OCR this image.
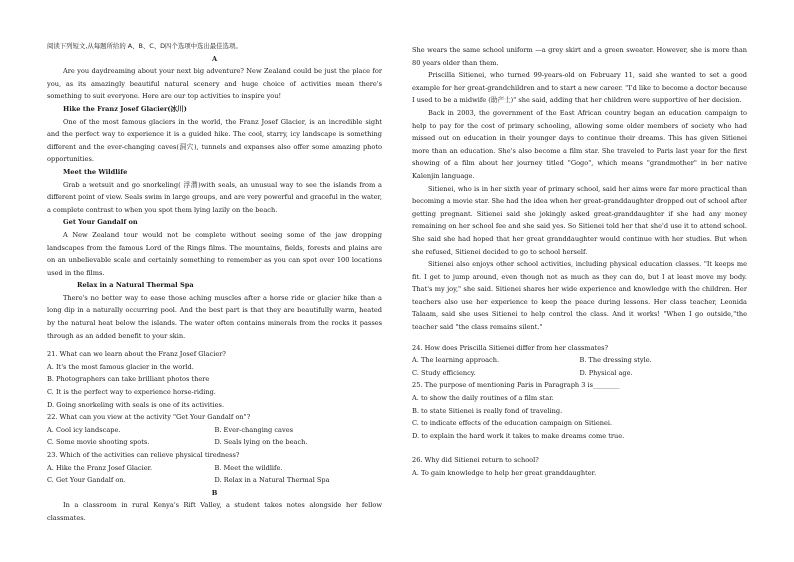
阅读下列短文,从每题所给的 A、B、C、D四个选项中选出最佳选项。

A

Are you daydreaming about your next big adventure? New Zealand could be just the place for you, as its amazingly beautiful natural scenery and huge choice of activities mean there's something to suit everyone. Here are our top activities to inspire you!

Hike the Franz Josef Glacier(冰川)

One of the most famous glaciers in the world, the Franz Josef Glacier, is an incredible sight and the perfect way to experience it is a guided hike. The cool, starry, icy landscape is something different and the ever-changing caves(洞穴), tunnels and expanses also offer some amazing photo opportunities.

Meet the Wildlife

Grab a wetsuit and go snorkeling( 浮潜)with seals, an unusual way to see the islands from a different point of view. Seals swim in large groups, and are very powerful and graceful in the water, a complete contrast to when you spot them lying lazily on the beach.

Get Your Gandalf on

A New Zealand tour would not be complete without seeing some of the jaw dropping landscapes from the famous Lord of the Rings films. The mountains, fields, forests and plains are on an unbelievable scale and certainly something to remember as you can spot over 100 locations used in the films.

Relax in a Natural Thermal Spa

There's no better way to ease those aching muscles after a horse ride or glacier hike than a long dip in a naturally occurring pool. And the best part is that they are beautifully warm, heated by the natural heat below the islands. The water often contains minerals from the rocks it passes through as an added benefit to your skin.

21. What can we learn about the Franz Josef Glacier?

A. It's the most famous glacier in the world.

B. Photographers can take brilliant photos there

C. It is the perfect way to experience horse-riding.

D. Going snorkeling with seals is one of its activities.

22. What can you view at the activity "Get Your Gandalf on"?

A. Cool icy landscape.	B. Ever-changing caves
C. Some movie shooting spots.	D. Seals lying on the beach.

23. Which of the activities can relieve physical tiredness?

A. Hike the Franz Josef Glacier.	B. Meet the wildlife.
C. Get Your Gandalf on.	D. Relax in a Natural Thermal Spa

B

In a classroom in rural Kenya's Rift Valley, a student takes notes alongside her fellow classmates.

She wears the same school uniform —a grey skirt and a green sweater. However, she is more than 80 years older than them.

Priscilla Sitienei, who turned 99-years-old on February 11, said she wanted to set a good example for her great-grandchildren and to start a new career. "I'd like to become a doctor because I used to be a midwife (助产士)" she said, adding that her children were supportive of her decision.

Back in 2003, the government of the East African country began an education campaign to help to pay for the cost of primary schooling, allowing some older members of society who had missed out on education in their younger days to continue their dreams. This has given Sitienei more than an education. She's also become a film star. She traveled to Paris last year for the first showing of a film about her journey titled "Gogo", which means "grandmother" in her native Kalenjin language.

Sitienei, who is in her sixth year of primary school, said her aims were far more practical than becoming a movie star. She had the idea when her great-granddaughter dropped out of school after getting pregnant. Sitienei said she jokingly asked great-granddaughter if she had any money remaining on her school fee and she said yes. So Sitienei told her that she'd use it to attend school. She said she had hoped that her great granddaughter would continue with her studies. But when she refused, Sitienei decided to go to school herself.

Sitienei also enjoys other school activities, including physical education classes. "It keeps me fit. I get to jump around, even though not as much as they can do, but I at least move my body. That's my joy," she said. Sitienei shares her wide experience and knowledge with the children. Her teachers also use her experience to keep the peace during lessons. Her class teacher, Leonida Talaam, said she uses Sitienei to help control the class. And it works! "When I go outside,"the teacher said "the class remains silent."

24. How does Priscilla Sitienei differ from her classmates?

A. The learning approach.	B. The dressing style.
C. Study efficiency.	D. Physical age.

25. The purpose of mentioning Paris in Paragraph 3 is________

A. to show the daily routines of a film star.

B. to state Sitienei is really fond of traveling.

C. to indicate effects of the education campaign on Sitienei.

D. to explain the hard work it takes to make dreams come true.

26. Why did Sitienei return to school?

A. To gain knowledge to help her great granddaughter.
